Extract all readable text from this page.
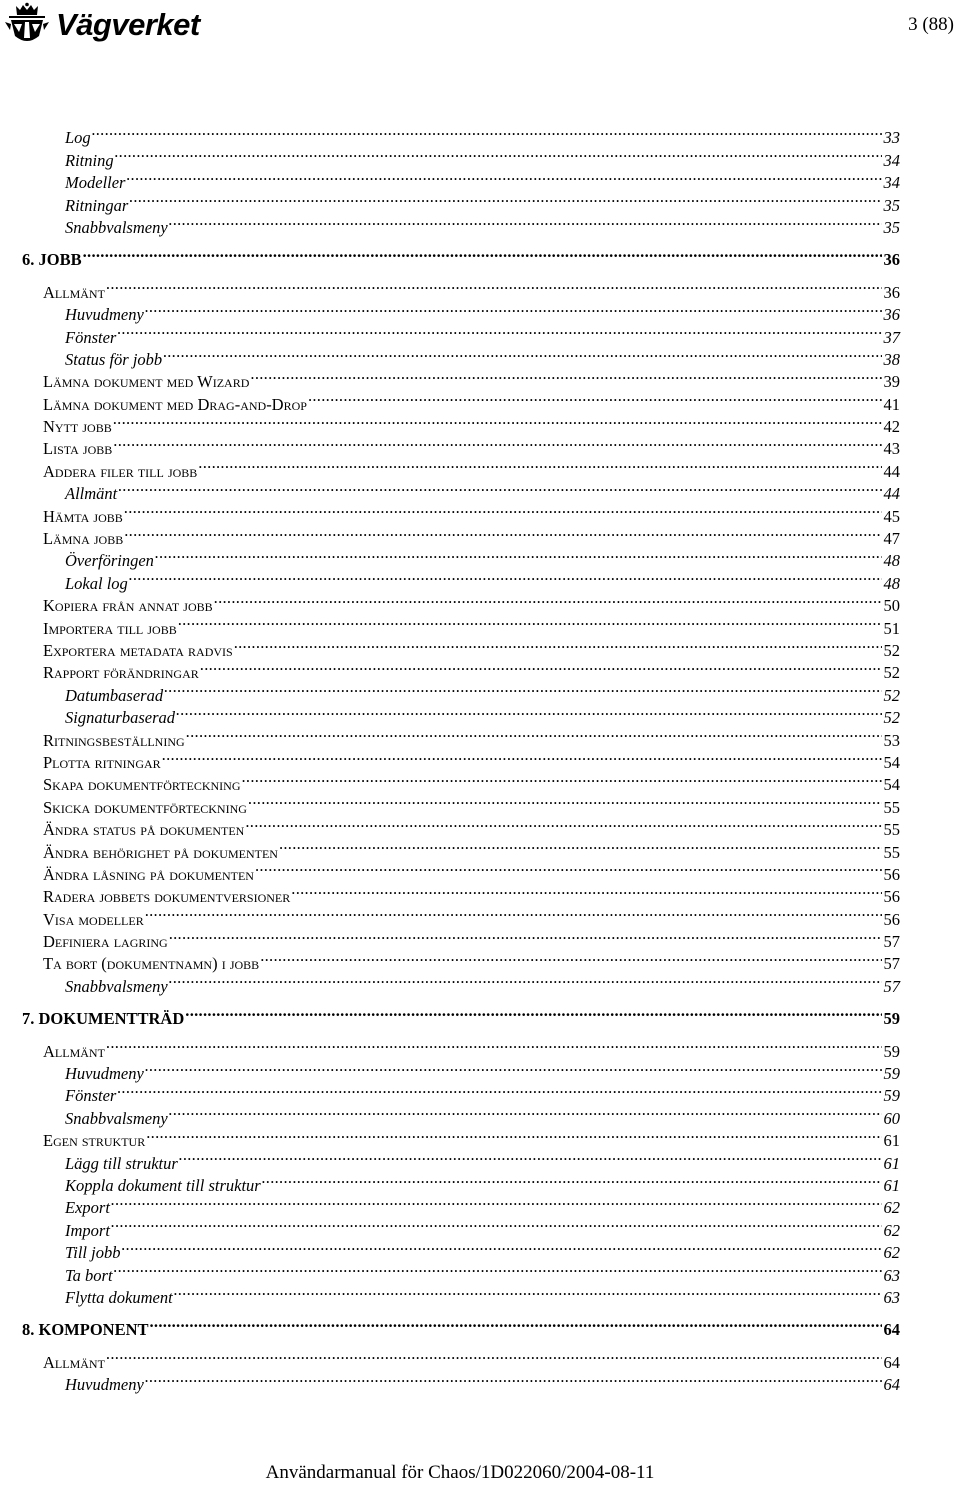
Vägverket	3 (88)
Log .....	33
Ritning .....	34
Modeller .....	34
Ritningar .....	35
Snabbvalsmeny .....	35
6. JOBB .....	36
Allmänt .....	36
Huvudmeny .....	36
Fönster .....	37
Status för jobb .....	38
Lämna dokument med Wizard .....	39
Lämna dokument med Drag-and-Drop .....	41
Nytt jobb .....	42
Lista jobb .....	43
Addera filer till jobb .....	44
Allmänt .....	44
Hämta jobb .....	45
Lämna jobb .....	47
Överföringen .....	48
Lokal log .....	48
Kopiera från annat jobb .....	50
Importera till jobb .....	51
Exportera metadata radvis .....	52
Rapport förändringar .....	52
Datumbaserad .....	52
Signaturbaserad .....	52
Ritningsbeställning .....	53
Plotta ritningar .....	54
Skapa dokumentförteckning .....	54
Skicka dokumentförteckning .....	55
Ändra status på dokumenten .....	55
Ändra behörighet på dokumenten .....	55
Ändra låsning på dokumenten .....	56
Radera jobbets dokumentversioner .....	56
Visa modeller .....	56
Definiera lagring .....	57
Ta bort (dokumentnamn) i jobb .....	57
Snabbvalsmeny .....	57
7. DOKUMENTTRÄD .....	59
Allmänt .....	59
Huvudmeny .....	59
Fönster .....	59
Snabbvalsmeny .....	60
Egen struktur .....	61
Lägg till struktur .....	61
Koppla dokument till struktur .....	61
Export .....	62
Import .....	62
Till jobb .....	62
Ta bort .....	63
Flytta dokument .....	63
8. KOMPONENT .....	64
Allmänt .....	64
Huvudmeny .....	64
Användarmanual för Chaos/1D022060/2004-08-11
